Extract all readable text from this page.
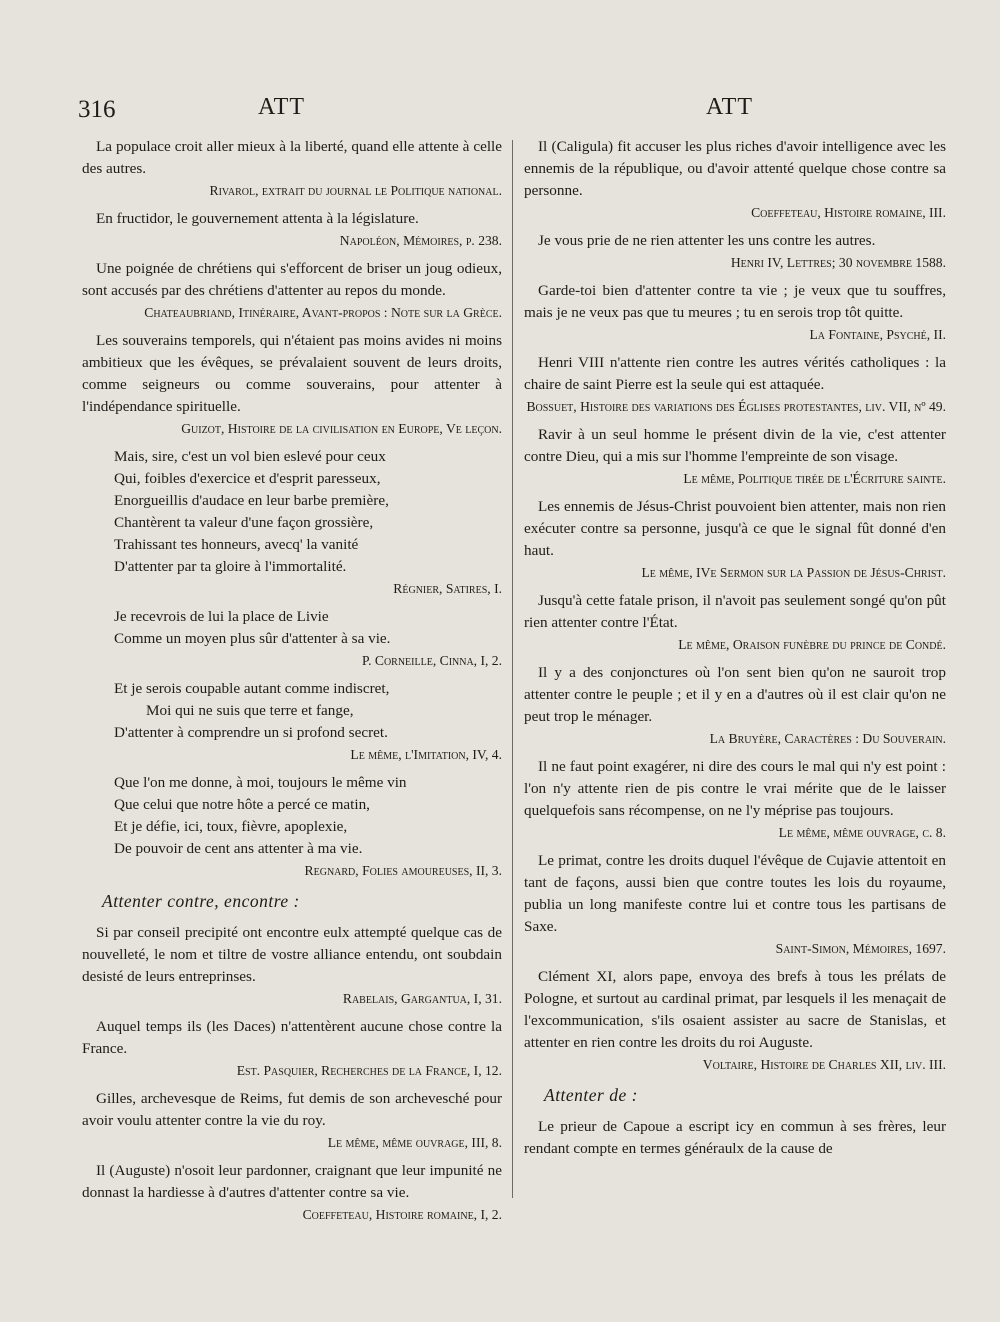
316	ATT	ATT

La populace croit aller mieux à la liberté, quand elle attente à celle des autres.

Rivarol, extrait du journal le Politique national.

En fructidor, le gouvernement attenta à la législature.

Napoléon, Mémoires, p. 238.

Une poignée de chrétiens qui s'efforcent de briser un joug odieux, sont accusés par des chrétiens d'attenter au repos du monde.

Chateaubriand, Itinéraire, Avant-propos : Note sur la Grèce.

Les souverains temporels, qui n'étaient pas moins avides ni moins ambitieux que les évêques, se prévalaient souvent de leurs droits, comme seigneurs ou comme souverains, pour attenter à l'indépendance spirituelle.

Guizot, Histoire de la civilisation en Europe, Ve leçon.

Mais, sire, c'est un vol bien eslevé pour ceux

Qui, foibles d'exercice et d'esprit paresseux,

Enorgueillis d'audace en leur barbe première,

Chantèrent ta valeur d'une façon grossière,

Trahissant tes honneurs, avecq' la vanité

D'attenter par ta gloire à l'immortalité.

Régnier, Satires, I.

Je recevrois de lui la place de Livie

Comme un moyen plus sûr d'attenter à sa vie.

P. Corneille, Cinna, I, 2.

Et je serois coupable autant comme indiscret,

Moi qui ne suis que terre et fange,

D'attenter à comprendre un si profond secret.

Le même, l'Imitation, IV, 4.

Que l'on me donne, à moi, toujours le même vin

Que celui que notre hôte a percé ce matin,

Et je défie, ici, toux, fièvre, apoplexie,

De pouvoir de cent ans attenter à ma vie.

Regnard, Folies amoureuses, II, 3.
Attenter contre, encontre :

Si par conseil precipité ont encontre eulx attempté quelque cas de nouvelleté, le nom et tiltre de vostre alliance entendu, ont soubdain desisté de leurs entreprinses.

Rabelais, Gargantua, I, 31.

Auquel temps ils (les Daces) n'attentèrent aucune chose contre la France.

Est. Pasquier, Recherches de la France, I, 12.

Gilles, archevesque de Reims, fut demis de son archevesché pour avoir voulu attenter contre la vie du roy.

Le même, même ouvrage, III, 8.

Il (Auguste) n'osoit leur pardonner, craignant que leur impunité ne donnast la hardiesse à d'autres d'attenter contre sa vie.

Coeffeteau, Histoire romaine, I, 2.

Il (Caligula) fit accuser les plus riches d'avoir intelligence avec les ennemis de la république, ou d'avoir attenté quelque chose contre sa personne.

Coeffeteau, Histoire romaine, III.

Je vous prie de ne rien attenter les uns contre les autres.

Henri IV, Lettres; 30 novembre 1588.

Garde-toi bien d'attenter contre ta vie ; je veux que tu souffres, mais je ne veux pas que tu meures ; tu en serois trop tôt quitte.

La Fontaine, Psyché, II.

Henri VIII n'attente rien contre les autres vérités catholiques : la chaire de saint Pierre est la seule qui est attaquée.

Bossuet, Histoire des variations des Églises protestantes, liv. VII, nº 49.

Ravir à un seul homme le présent divin de la vie, c'est attenter contre Dieu, qui a mis sur l'homme l'empreinte de son visage.

Le même, Politique tirée de l'Écriture sainte.

Les ennemis de Jésus-Christ pouvoient bien attenter, mais non rien exécuter contre sa personne, jusqu'à ce que le signal fût donné d'en haut.

Le même, IVe Sermon sur la Passion de Jésus-Christ.

Jusqu'à cette fatale prison, il n'avoit pas seulement songé qu'on pût rien attenter contre l'État.

Le même, Oraison funèbre du prince de Condé.

Il y a des conjonctures où l'on sent bien qu'on ne sauroit trop attenter contre le peuple ; et il y en a d'autres où il est clair qu'on ne peut trop le ménager.

La Bruyère, Caractères : Du Souverain.

Il ne faut point exagérer, ni dire des cours le mal qui n'y est point : l'on n'y attente rien de pis contre le vrai mérite que de le laisser quelquefois sans récompense, on ne l'y méprise pas toujours.

Le même, même ouvrage, c. 8.

Le primat, contre les droits duquel l'évêque de Cujavie attentoit en tant de façons, aussi bien que contre toutes les lois du royaume, publia un long manifeste contre lui et contre tous les partisans de Saxe.

Saint-Simon, Mémoires, 1697.

Clément XI, alors pape, envoya des brefs à tous les prélats de Pologne, et surtout au cardinal primat, par lesquels il les menaçait de l'excommunication, s'ils osaient assister au sacre de Stanislas, et attenter en rien contre les droits du roi Auguste.

Voltaire, Histoire de Charles XII, liv. III.
Attenter de :

Le prieur de Capoue a escript icy en commun à ses frères, leur rendant compte en termes généraulx de la cause de
